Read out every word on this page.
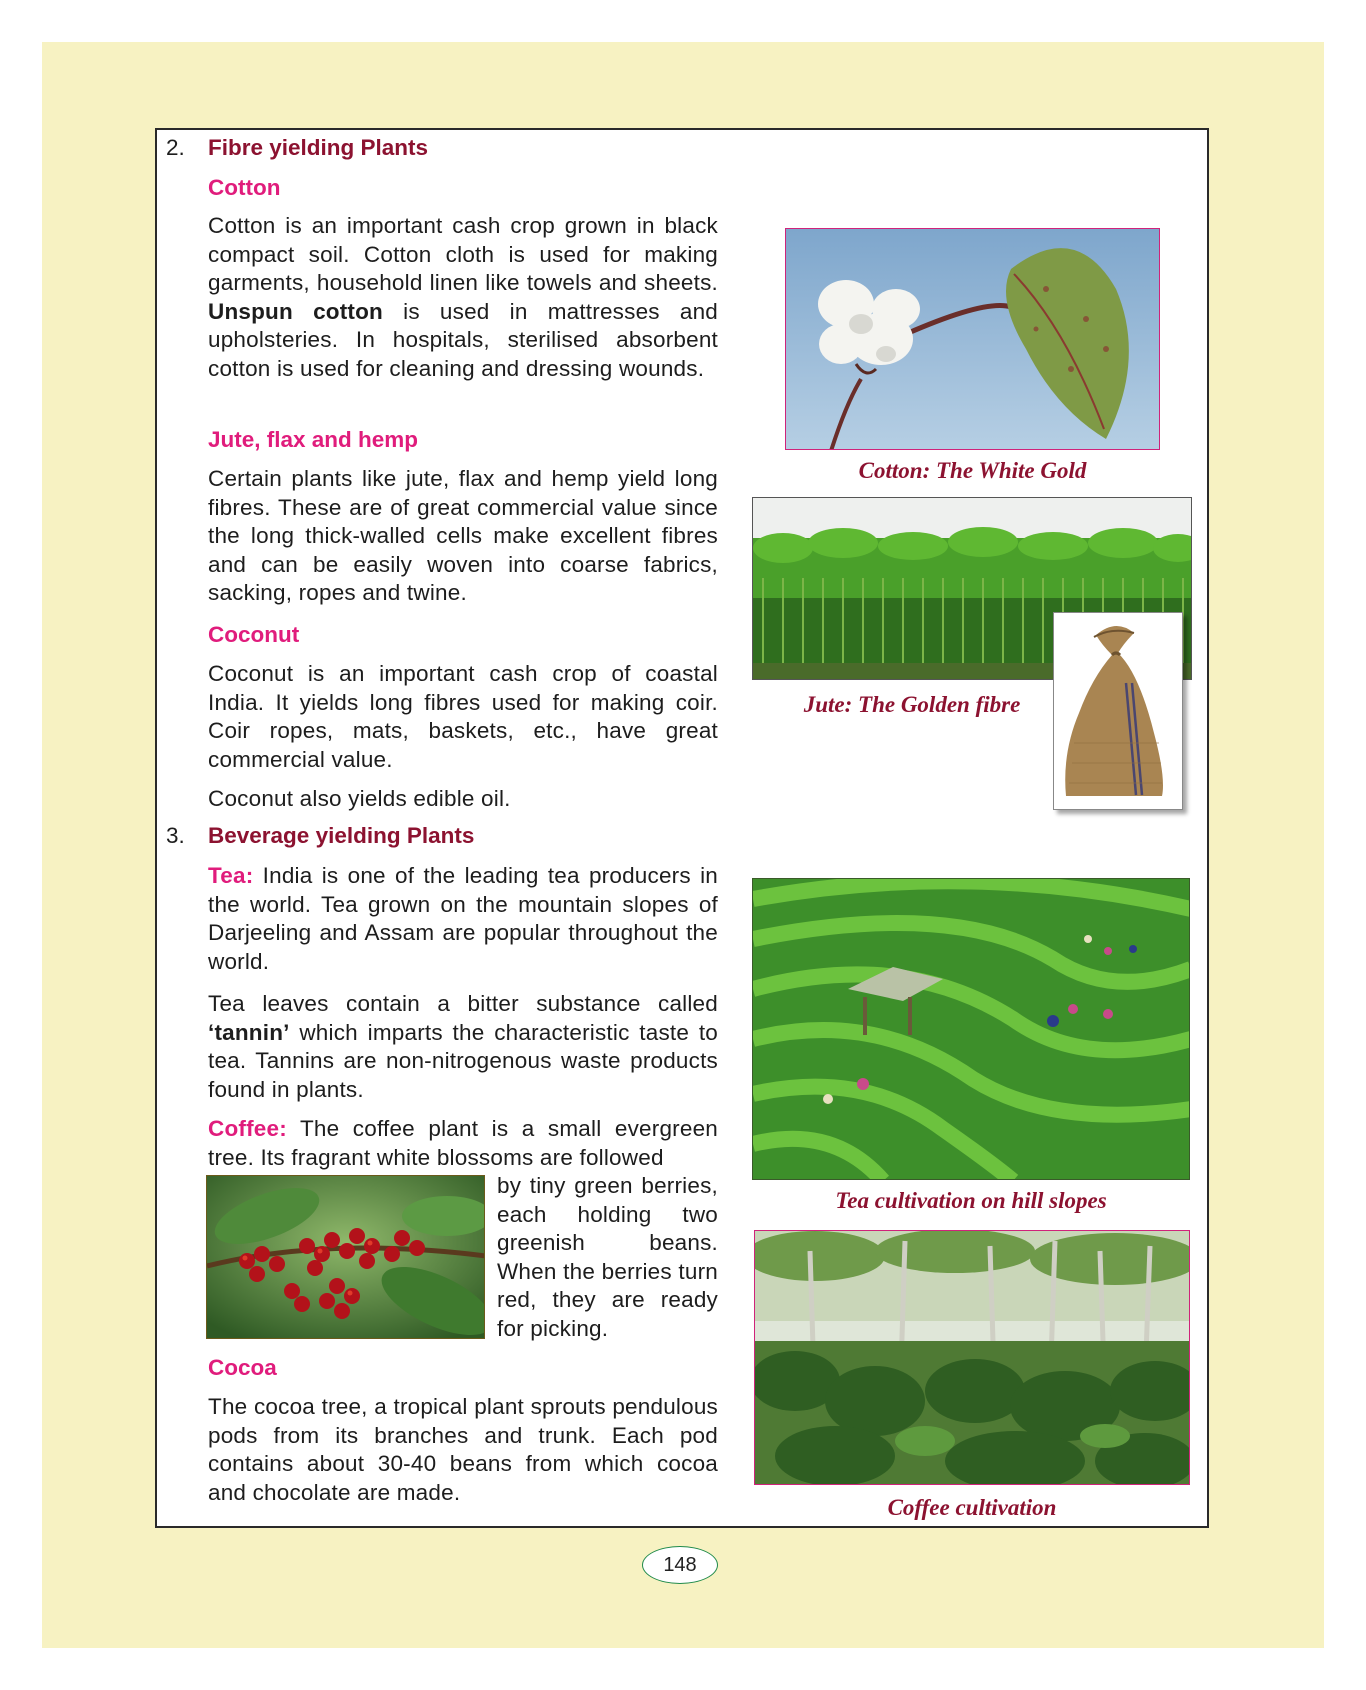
2. Fibre yielding Plants
Cotton

Cotton is an important cash crop grown in black compact soil. Cotton cloth is used for making garments, household linen like towels and sheets. Unspun cotton is used in mattresses and upholsteries. In hospitals, sterilised absorbent cotton is used for cleaning and dressing wounds.

Jute, flax and hemp

Certain plants like jute, flax and hemp yield long fibres. These are of great commercial value since the long thick-walled cells make excellent fibres and can be easily woven into coarse fabrics, sacking, ropes and twine.

Coconut

Coconut is an important cash crop of coastal India. It yields long fibres used for making coir. Coir ropes, mats, baskets, etc., have great commercial value.

Coconut also yields edible oil.

3. Beverage yielding Plants

Tea: India is one of the leading tea producers in the world. Tea grown on the mountain slopes of Darjeeling and Assam are popular throughout the world.

Tea leaves contain a bitter substance called ‘tannin’ which imparts the characteristic taste to tea. Tannins are non-nitrogenous waste products found in plants.

Coffee: The coffee plant is a small evergreen tree. Its fragrant white blossoms are followed

by tiny green berries, each holding two greenish beans. When the berries turn red, they are ready for picking.

Cocoa

The cocoa tree, a tropical plant sprouts pendulous pods from its branches and trunk. Each pod contains about 30-40 beans from which cocoa and chocolate are made.

Cotton: The White Gold
Jute: The Golden fibre
Tea cultivation on hill slopes
Coffee cultivation
148
